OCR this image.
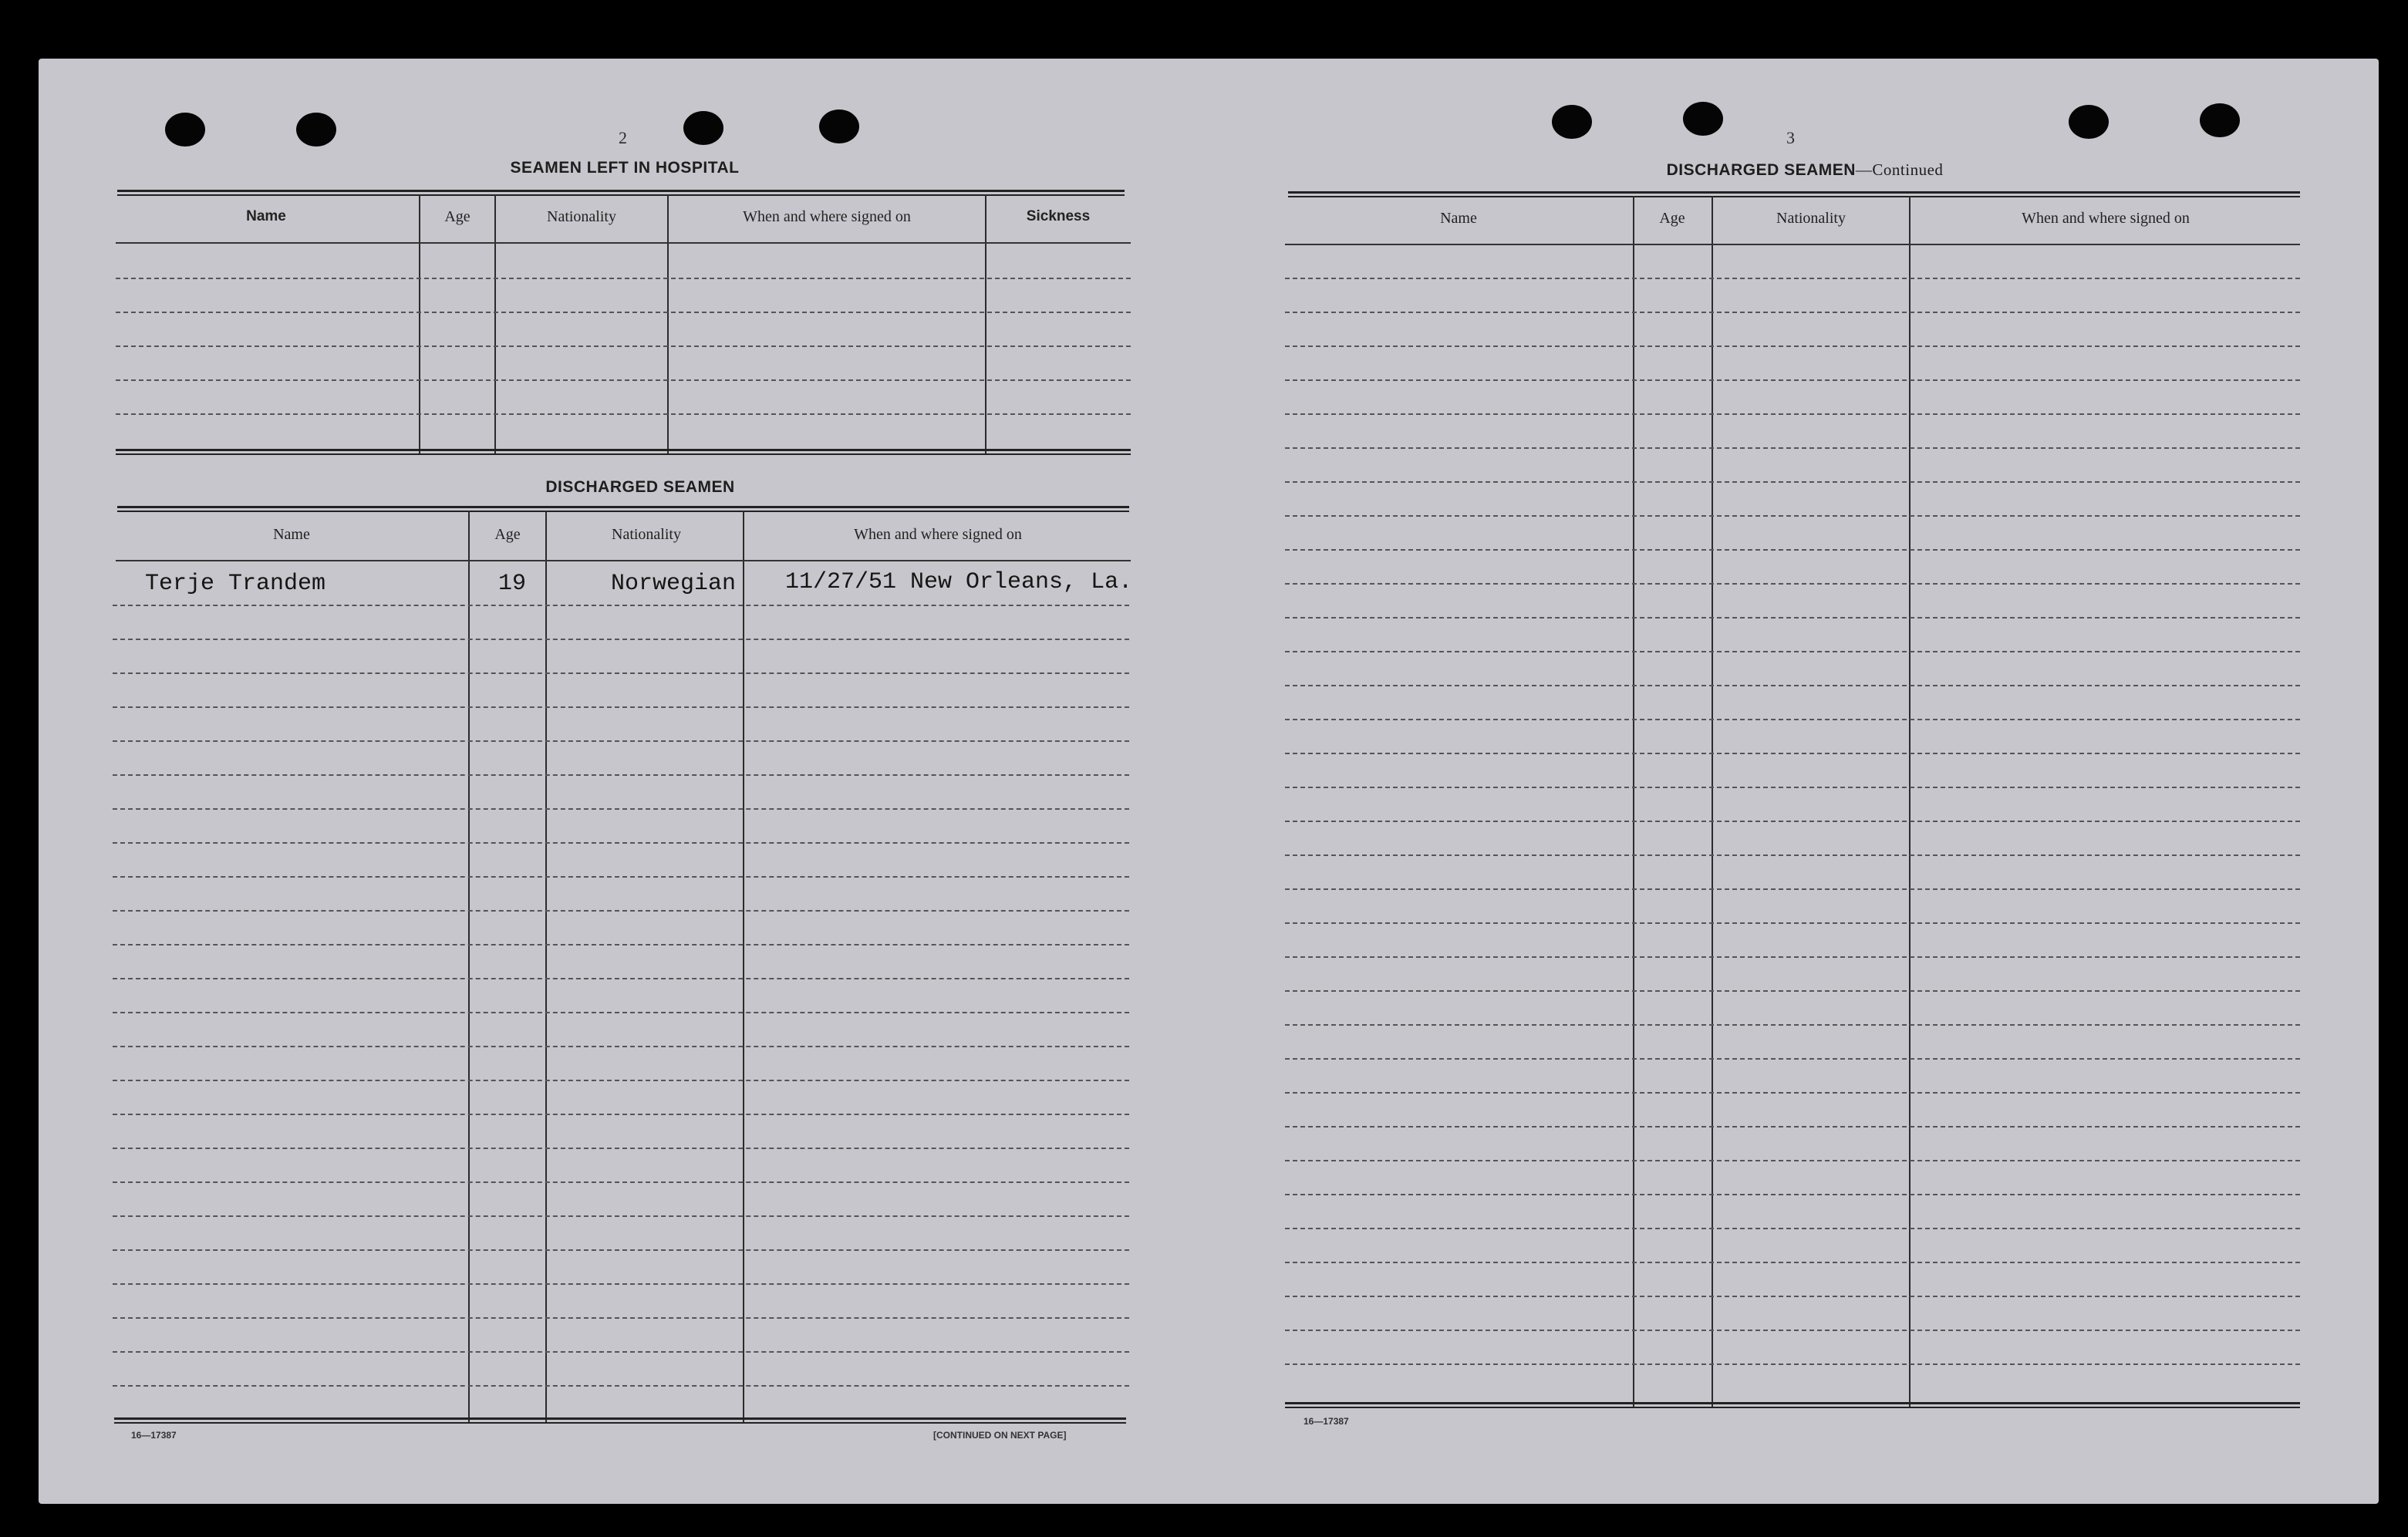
2
SEAMEN LEFT IN HOSPITAL
Name	Age	Nationality	When and where signed on	Sickness
DISCHARGED SEAMEN
Name	Age	Nationality	When and where signed on
Terje Trandem	19	Norwegian 11/27/51 New Orleans, La.
16—17387	[CONTINUED ON NEXT PAGE]
3
DISCHARGED SEAMEN—Continued
Name	Age	Nationality	When and where signed on
16—17387
